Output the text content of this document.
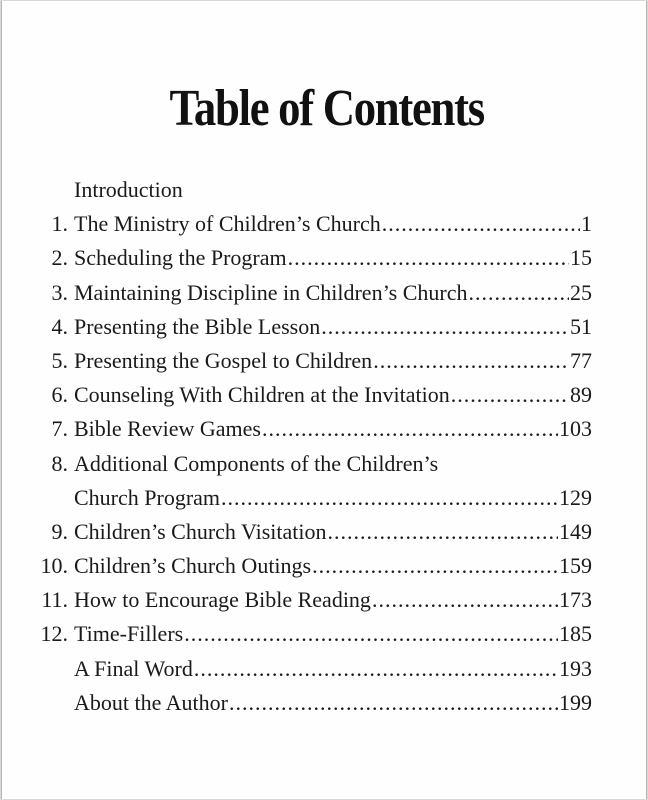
Table of Contents
Introduction
1. The Ministry of Children’s Church .....	1
2. Scheduling the Program .....	15
3. Maintaining Discipline in Children’s Church .....	25
4. Presenting the Bible Lesson .....	51
5. Presenting the Gospel to Children .....	77
6. Counseling With Children at the Invitation .....	89
7. Bible Review Games .....	103
8. Additional Components of the Children’s
Church Program .....	129
9. Children’s Church Visitation .....	149
10. Children’s Church Outings .....	159
11. How to Encourage Bible Reading .....	173
12. Time-Fillers .....	185
A Final Word .....	193
About the Author .....	199
